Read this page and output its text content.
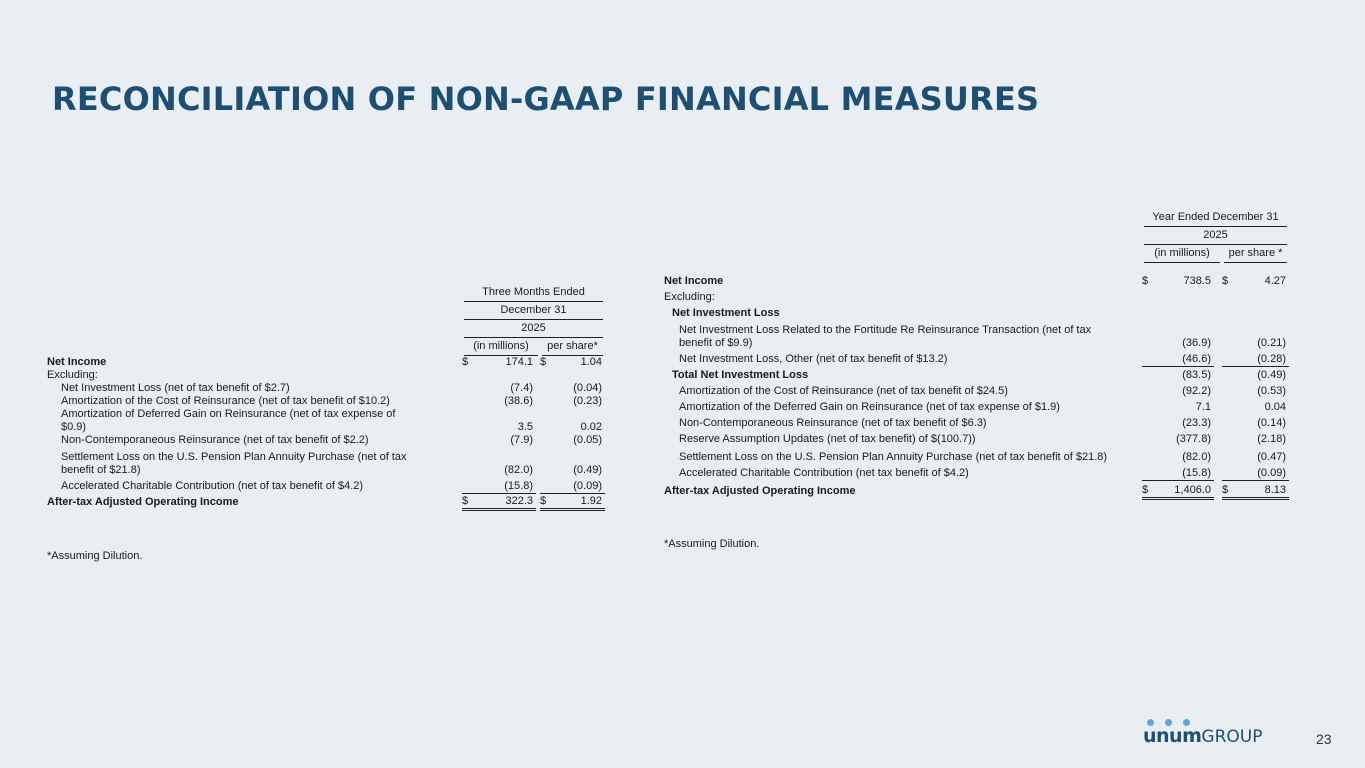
RECONCILIATION OF NON-GAAP FINANCIAL MEASURES

	Three Months Ended				

	December 31				

	2025				

	(in millions)			per share*	

Net Income	$	174.1		$	1.04
Excluding:					
Net Investment Loss (net of tax benefit of $2.7)		(7.4)			(0.04)
Amortization of the Cost of Reinsurance (net of tax benefit of $10.2)		(38.6)			(0.23)
Amortization of Deferred Gain on Reinsurance (net of tax expense of $0.9)		3.5			0.02
Non-Contemporaneous Reinsurance (net of tax benefit of $2.2)		(7.9)			(0.05)
Settlement Loss on the U.S. Pension Plan Annuity Purchase (net of tax benefit of $21.8)		(82.0)			(0.49)
Accelerated Charitable Contribution (net of tax benefit of $4.2)		(15.8)			(0.09)
After-tax Adjusted Operating Income	$	322.3		$	1.92
*Assuming Dilution.

	Year Ended December 31				

	2025				

	(in millions)			per share *	

Net Income	$	738.5		$	4.27
Excluding:					
Net Investment Loss					
Net Investment Loss Related to the Fortitude Re Reinsurance Transaction (net of tax benefit of $9.9)		(36.9)			(0.21)
Net Investment Loss, Other (net of tax benefit of $13.2)		(46.6)			(0.28)
Total Net Investment Loss		(83.5)			(0.49)
Amortization of the Cost of Reinsurance (net of tax benefit of $24.5)		(92.2)			(0.53)
Amortization of the Deferred Gain on Reinsurance (net of tax expense of $1.9)		7.1			0.04
Non-Contemporaneous Reinsurance (net of tax benefit of $6.3)		(23.3)			(0.14)
Reserve Assumption Updates (net of tax benefit) of $(100.7))		(377.8)			(2.18)
Settlement Loss on the U.S. Pension Plan Annuity Purchase (net of tax benefit of $21.8)		(82.0)			(0.47)
Accelerated Charitable Contribution (net tax benefit of $4.2)		(15.8)			(0.09)
After-tax Adjusted Operating Income	$	1,406.0		$	8.13
*Assuming Dilution.
unumGROUP	23
